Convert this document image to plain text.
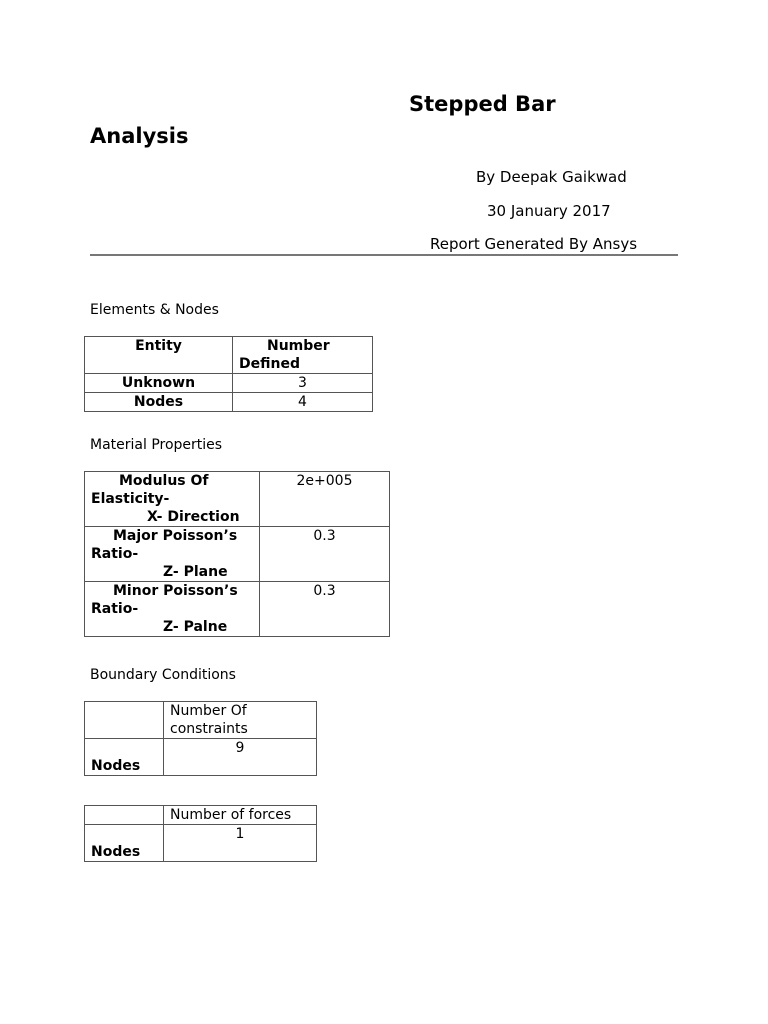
Stepped Bar
Analysis
By Deepak Gaikwad
30 January 2017
Report Generated By Ansys
Elements & Nodes
Entity	Number
Defined
Unknown	3
Nodes	4
Material Properties
Modulus Of
Elasticity-
X- Direction	2e+005

Major Poisson’s
Ratio-
Z- Plane	0.3

Minor Poisson’s
Ratio-
Z- Palne	0.3
Boundary Conditions

	Number Of
constraints
Nodes	9
	Number of forces
Nodes	1
